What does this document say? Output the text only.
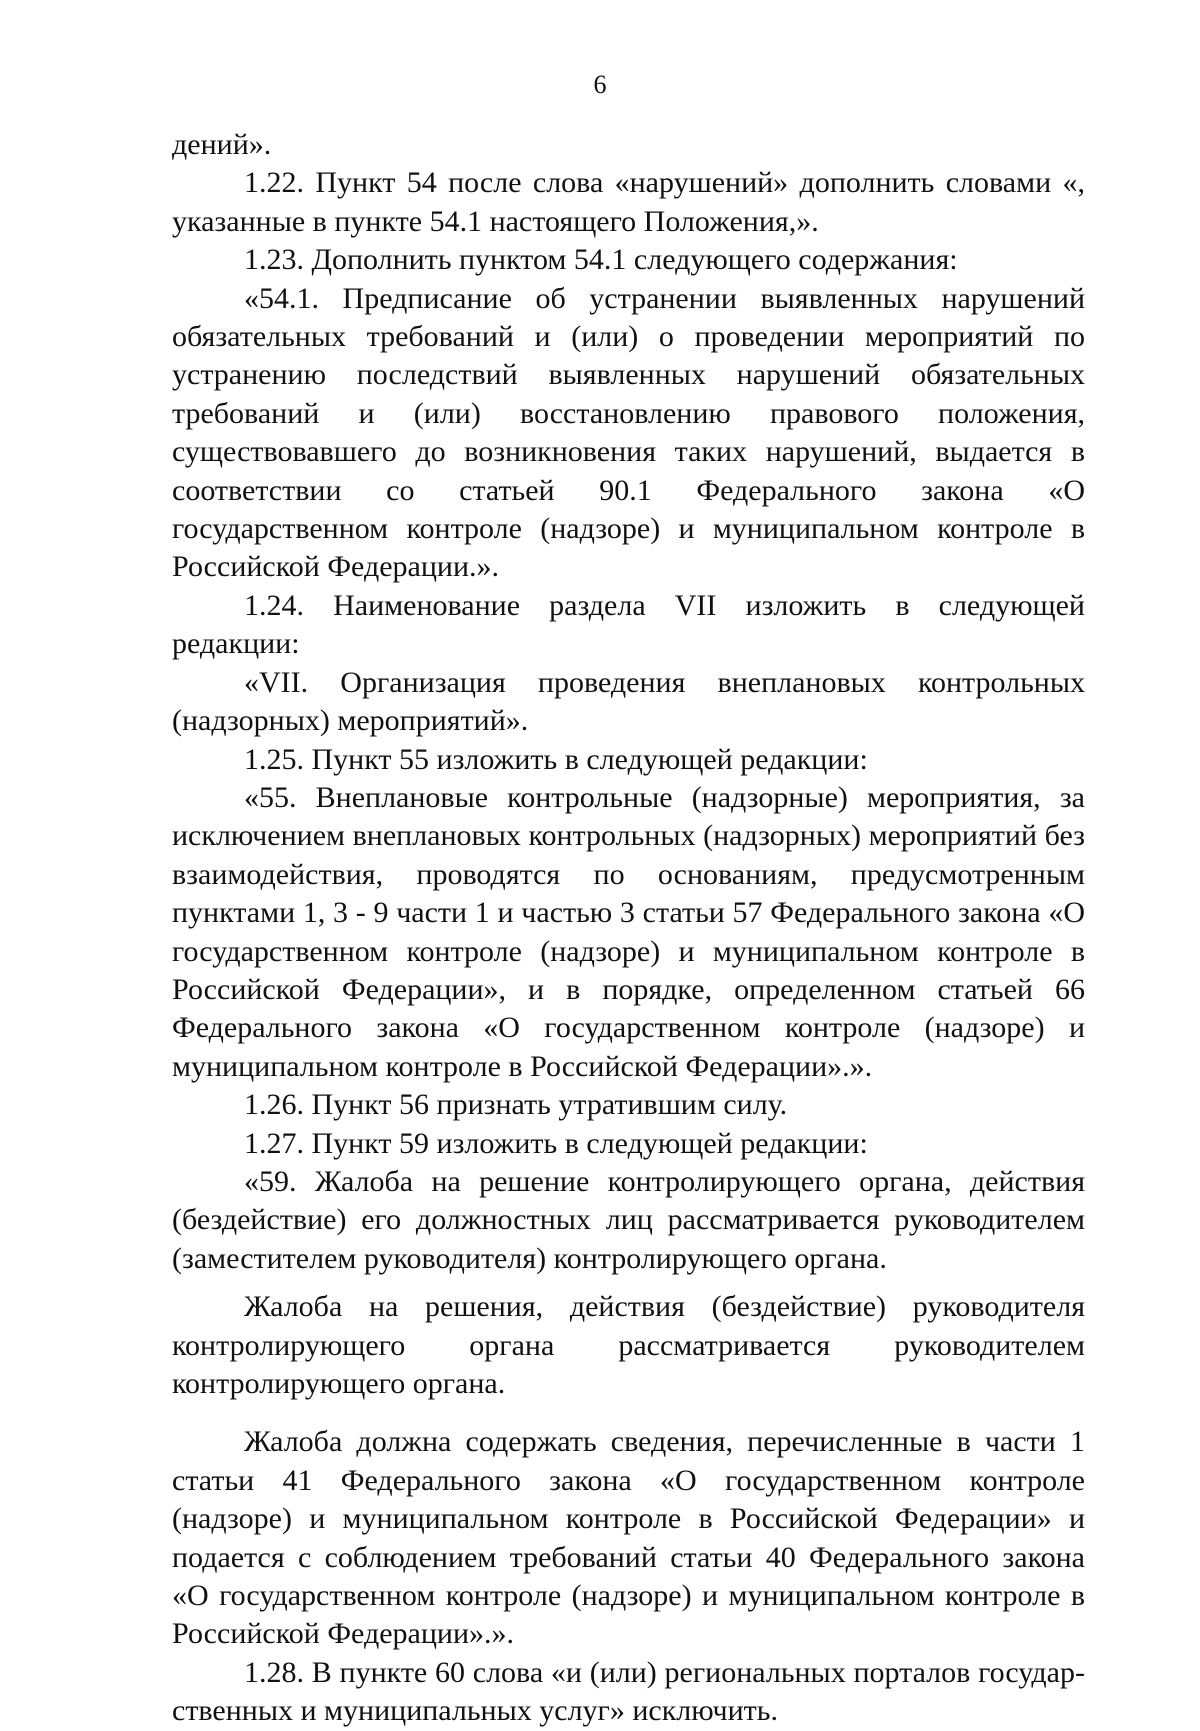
6

дений».

1.22. Пункт 54 после слова «нарушений» дополнить словами «, указанные в пункте 54.1 настоящего Положения,».

1.23. Дополнить пунктом 54.1 следующего содержания:

«54.1. Предписание об устранении выявленных нарушений обязательных требований и (или) о проведении мероприятий по устранению последствий выявленных нарушений обязательных требований и (или) восстановлению правового положения, существовавшего до возникновения таких нарушений, выдается в соответствии со статьей 90.1 Федерального закона «О государственном контроле (надзоре) и муниципальном контроле в Российской Федерации.».

1.24. Наименование раздела VII изложить в следующей редакции:

«VII. Организация проведения внеплановых контрольных (надзорных) мероприятий».

1.25. Пункт 55 изложить в следующей редакции:

«55. Внеплановые контрольные (надзорные) мероприятия, за исключением внеплановых контрольных (надзорных) мероприятий без взаимодействия, проводятся по основаниям, предусмотренным пунктами 1, 3 - 9 части 1 и частью 3 статьи 57 Федерального закона «О государственном контроле (надзоре) и муниципальном контроле в Российской Федерации», и в порядке, определенном статьей 66 Федерального закона «О государственном контроле (надзоре) и муниципальном контроле в Российской Федерации».».

1.26. Пункт 56 признать утратившим силу.

1.27. Пункт 59 изложить в следующей редакции:

«59. Жалоба на решение контролирующего органа, действия (бездействие) его должностных лиц рассматривается руководителем (заместителем руководителя) контролирующего органа.

Жалоба на решения, действия (бездействие) руководителя контролирующего органа рассматривается руководителем контролирующего органа.

Жалоба должна содержать сведения, перечисленные в части 1 статьи 41 Федерального закона «О государственном контроле (надзоре) и муниципальном контроле в Российской Федерации» и подается с соблюдением требований статьи 40 Федерального закона «О государственном контроле (надзоре) и муниципальном контроле в Российской Федерации».».

1.28. В пункте 60 слова «и (или) региональных порталов государственных и муниципальных услуг» исключить.
